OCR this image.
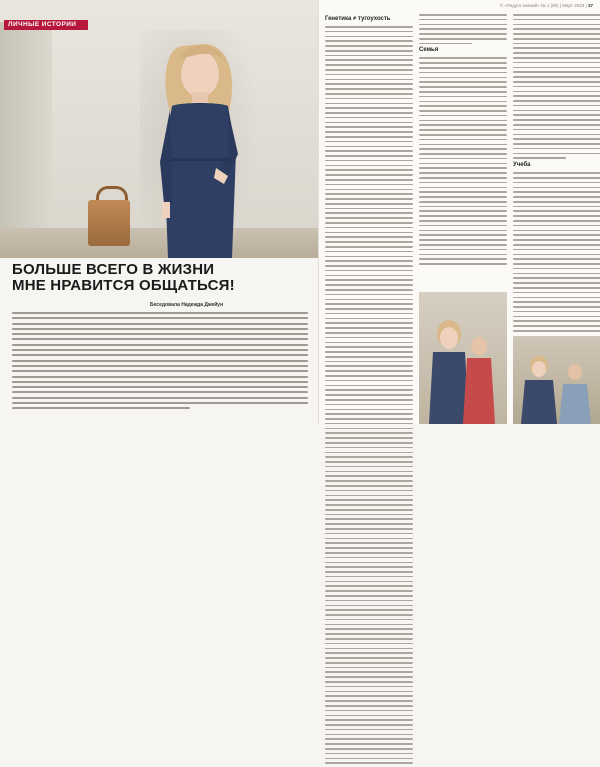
ЛИЧНЫЕ ИСТОРИИ
БОЛЬШЕ ВСЕГО В ЖИЗНИ
МНЕ НРАВИТСЯ ОБЩАТЬСЯ!
Беседовала Надежда Джейун
© «Радуга знаний» № 1 (80) | Март 2023 | 37
Генетика ≠ тугоухость
Семья
Учеба
